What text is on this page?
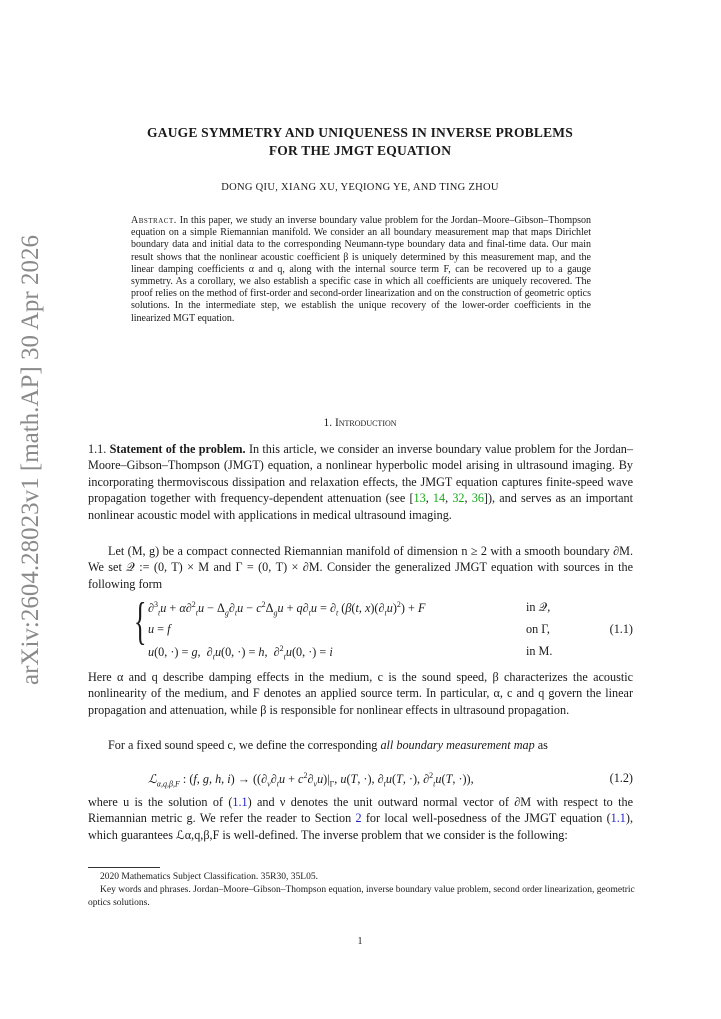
arXiv:2604.28023v1 [math.AP] 30 Apr 2026
GAUGE SYMMETRY AND UNIQUENESS IN INVERSE PROBLEMS
FOR THE JMGT EQUATION
DONG QIU, XIANG XU, YEQIONG YE, AND TING ZHOU
Abstract. In this paper, we study an inverse boundary value problem for the Jordan–Moore–Gibson–Thompson equation on a simple Riemannian manifold. We consider an all boundary measurement map that maps Dirichlet boundary data and initial data to the corresponding Neumann-type boundary data and final-time data. Our main result shows that the nonlinear acoustic coefficient β is uniquely determined by this measurement map, and the linear damping coefficients α and q, along with the internal source term F, can be recovered up to a gauge symmetry. As a corollary, we also establish a specific case in which all coefficients are uniquely recovered. The proof relies on the method of first-order and second-order linearization and on the construction of geometric optics solutions. In the intermediate step, we establish the unique recovery of the lower-order coefficients in the linearized MGT equation.
1. Introduction
1.1. Statement of the problem. In this article, we consider an inverse boundary value problem for the Jordan–Moore–Gibson–Thompson (JMGT) equation, a nonlinear hyperbolic model arising in ultrasound imaging. By incorporating thermoviscous dissipation and relaxation effects, the JMGT equation captures finite-speed wave propagation together with frequency-dependent attenuation (see [13, 14, 32, 36]), and serves as an important nonlinear acoustic model with applications in medical ultrasound imaging.
Let (M, g) be a compact connected Riemannian manifold of dimension n ≥ 2 with a smooth boundary ∂M. We set 𝒬 := (0, T) × M and Γ = (0, T) × ∂M. Consider the generalized JMGT equation with sources in the following form
{ $\partial^3_tu + \alpha\partial^2_tu - \Delta_g\partial_tu - c^2\Delta_gu + q\partial_tu = \partial_t$ (β(t, $x)(\partial_tu)^2) + F$
u = f
u(0, ·) = g,  $\partial_tu(0$, ·) = h,  ∂$^2_t$u(0, ·) = i
in 𝒬,
on Γ,
in M.
(1.1)
Here α and q describe damping effects in the medium, c is the sound speed, β characterizes the acoustic nonlinearity of the medium, and F denotes an applied source term. In particular, α, c and q govern the linear propagation and attenuation, while β is responsible for nonlinear effects in ultrasound propagation.
For a fixed sound speed c, we define the corresponding all boundary measurement map as
ℒ$_{\alpha,q,\beta,F}$ : (f, g, h, $i) \to ((\partial_\nu\partial_tu + c^2\partial_\nu u)|_\Gamma$, u(T, ·), $\partial_tu(T$, ·), ∂$^2_t$u(T, ·)),	(1.2)
where u is the solution of (1.1) and ν denotes the unit outward normal vector of ∂M with respect to the Riemannian metric g. We refer the reader to Section 2 for local well-posedness of the JMGT equation (1.1), which guarantees ℒα,q,β,F is well-defined. The inverse problem that we consider is the following:
2020 Mathematics Subject Classification. 35R30, 35L05.
Key words and phrases. Jordan–Moore–Gibson–Thompson equation, inverse boundary value problem, second order linearization, geometric optics solutions.
1
